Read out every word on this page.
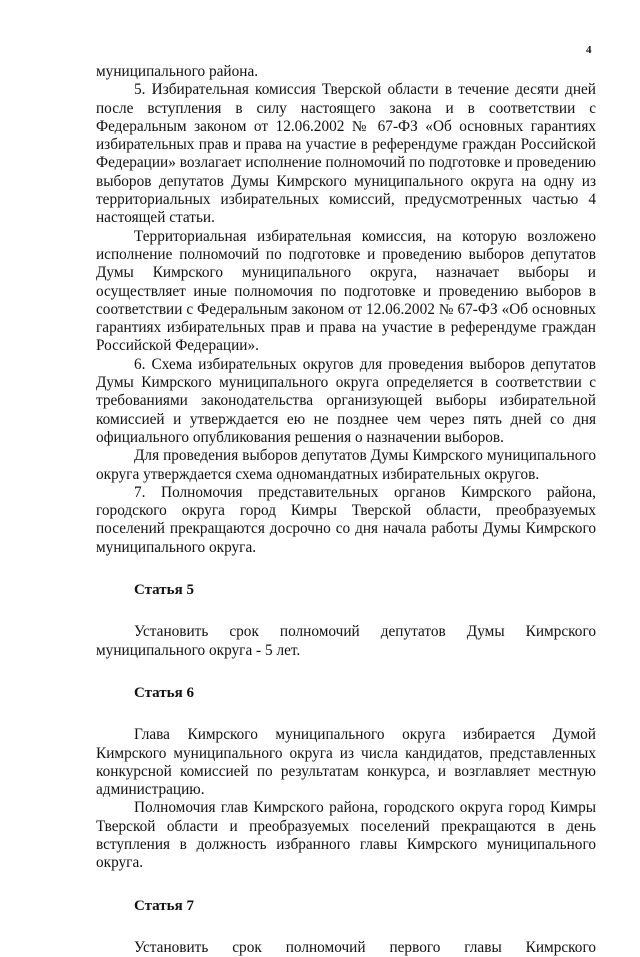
4

муниципального района.

5. Избирательная комиссия Тверской области в течение десяти дней после вступления в силу настоящего закона и в соответствии с Федеральным законом от 12.06.2002 № 67-ФЗ «Об основных гарантиях избирательных прав и права на участие в референдуме граждан Российской Федерации» возлагает исполнение полномочий по подготовке и проведению выборов депутатов Думы Кимрского муниципального округа на одну из территориальных избирательных комиссий, предусмотренных частью 4 настоящей статьи.

Территориальная избирательная комиссия, на которую возложено исполнение полномочий по подготовке и проведению выборов депутатов Думы Кимрского муниципального округа, назначает выборы и осуществляет иные полномочия по подготовке и проведению выборов в соответствии с Федеральным законом от 12.06.2002 № 67-ФЗ «Об основных гарантиях избирательных прав и права на участие в референдуме граждан Российской Федерации».

6. Схема избирательных округов для проведения выборов депутатов Думы Кимрского муниципального округа определяется в соответствии с требованиями законодательства организующей выборы избирательной комиссией и утверждается ею не позднее чем через пять дней со дня официального опубликования решения о назначении выборов.

Для проведения выборов депутатов Думы Кимрского муниципального округа утверждается схема одномандатных избирательных округов.

7. Полномочия представительных органов Кимрского района, городского округа город Кимры Тверской области, преобразуемых поселений прекращаются досрочно со дня начала работы Думы Кимрского муниципального округа.

Статья 5

Установить срок полномочий депутатов Думы Кимрского муниципального округа - 5 лет.

Статья 6

Глава Кимрского муниципального округа избирается Думой Кимрского муниципального округа из числа кандидатов, представленных конкурсной комиссией по результатам конкурса, и возглавляет местную администрацию.

Полномочия глав Кимрского района, городского округа город Кимры Тверской области и преобразуемых поселений прекращаются в день вступления в должность избранного главы Кимрского муниципального округа.

Статья 7

Установить срок полномочий первого главы Кимрского
